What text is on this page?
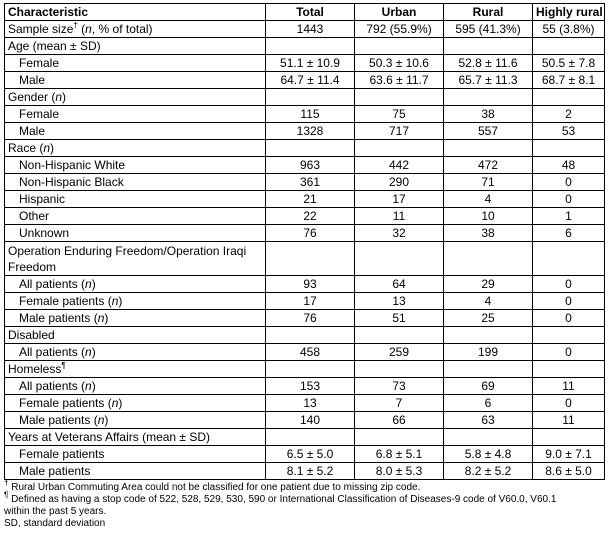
Characteristic	Total	Urban	Rural	Highly rural
Sample size† (n, % of total)	1443	792 (55.9%)	595 (41.3%)	55 (3.8%)
Age (mean ± SD)				
Female	51.1 ± 10.9	50.3 ± 10.6	52.8 ± 11.6	50.5 ± 7.8
Male	64.7 ± 11.4	63.6 ± 11.7	65.7 ± 11.3	68.7 ± 8.1
Gender (n)				
Female	115	75	38	2
Male	1328	717	557	53
Race (n)				
Non-Hispanic White	963	442	472	48
Non-Hispanic Black	361	290	71	0
Hispanic	21	17	4	0
Other	22	11	10	1
Unknown	76	32	38	6
Operation Enduring Freedom/Operation Iraqi Freedom				
All patients (n)	93	64	29	0
Female patients (n)	17	13	4	0
Male patients (n)	76	51	25	0
Disabled				
All patients (n)	458	259	199	0
Homeless¶				
All patients (n)	153	73	69	11
Female patients (n)	13	7	6	0
Male patients (n)	140	66	63	11
Years at Veterans Affairs (mean ± SD)				
Female patients	6.5 ± 5.0	6.8 ± 5.1	5.8 ± 4.8	9.0 ± 7.1
Male patients	8.1 ± 5.2	8.0 ± 5.3	8.2 ± 5.2	8.6 ± 5.0
† Rural Urban Commuting Area could not be classified for one patient due to missing zip code.
¶ Defined as having a stop code of 522, 528, 529, 530, 590 or International Classification of Diseases-9 code of V60.0, V60.1 within the past 5 years.
SD, standard deviation
